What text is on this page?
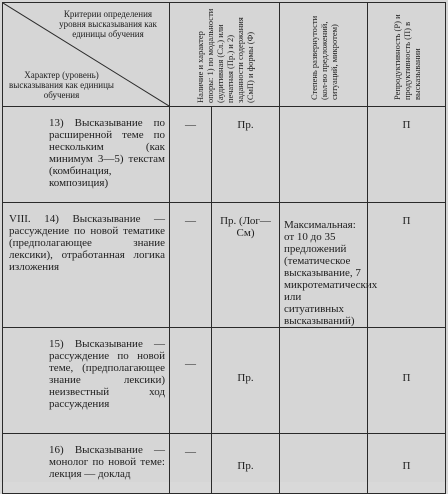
Критерии определения уровня высказывания как единицы обучения
Характер (уровень) высказывания как единицы обучения	Наличие и характер опоры: 1) по модальности (аудитивная (Сл.) или печатная (Пр.) и 2) заданности содержания (СмП) и формы (Ф)		Степень развернутости (кол-во предложений, ситуаций, микротем)	Репродуктивность (Р) и продуктивность (П) в высказывании

13) Высказывание по расширенной теме по нескольким (как минимум 3—5) текстам (комбинация, композиция)	—	Пр.		П

VIII. 14) Высказывание — рассуждение по новой тематике (предполагающее знание лексики), отработанная логика изложения	—	Пр. (Лог—См)	Максимальная: от 10 до 35 предложений (тематическое высказывание, 7 микротематических или ситуативных высказываний)	П

15) Высказывание — рассуждение по новой теме, (предполагающее знание лексики) неизвестный ход рассуждения	—	Пр.		П

16) Высказывание — монолог по новой теме: лекция — доклад	—	Пр.		П
